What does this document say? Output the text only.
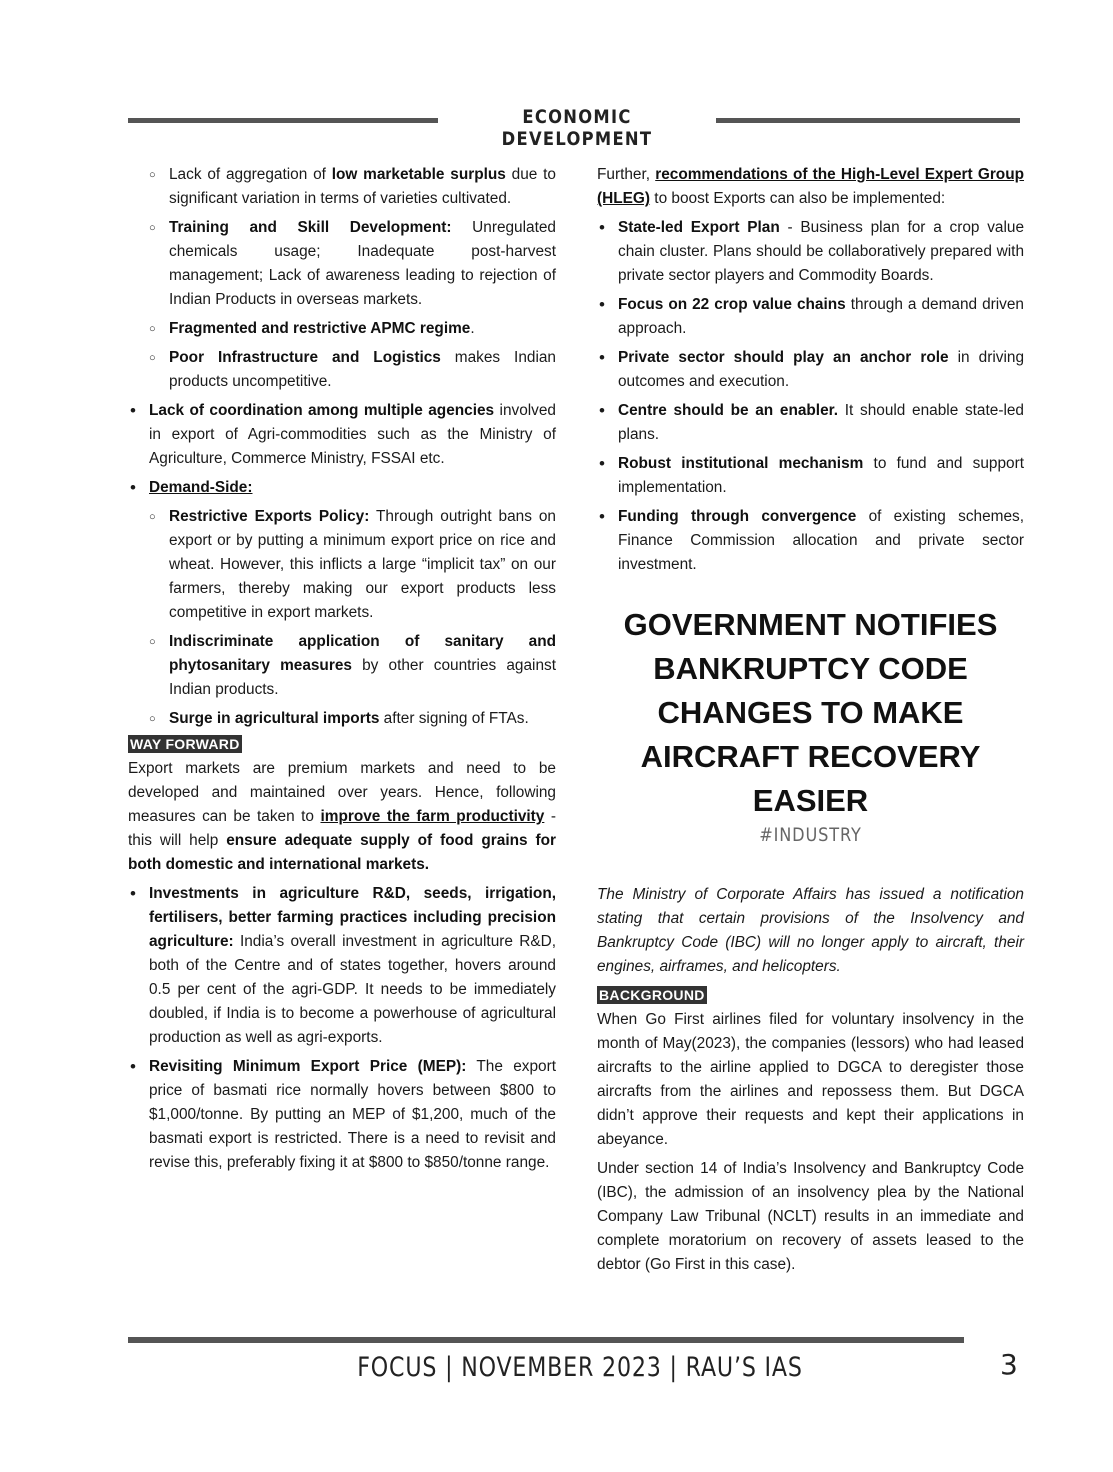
ECONOMIC DEVELOPMENT
○ Lack of aggregation of low marketable surplus due to significant variation in terms of varieties cultivated.
○ Training and Skill Development: Unregulated chemicals usage; Inadequate post-harvest management; Lack of awareness leading to rejection of Indian Products in overseas markets.
○ Fragmented and restrictive APMC regime.
○ Poor Infrastructure and Logistics makes Indian products uncompetitive.
• Lack of coordination among multiple agencies involved in export of Agri-commodities such as the Ministry of Agriculture, Commerce Ministry, FSSAI etc.
• Demand-Side:
○ Restrictive Exports Policy: Through outright bans on export or by putting a minimum export price on rice and wheat. However, this inflicts a large “implicit tax” on our farmers, thereby making our export products less competitive in export markets.
○ Indiscriminate application of sanitary and phytosanitary measures by other countries against Indian products.
○ Surge in agricultural imports after signing of FTAs.
WAY FORWARD
Export markets are premium markets and need to be developed and maintained over years. Hence, following measures can be taken to improve the farm productivity - this will help ensure adequate supply of food grains for both domestic and international markets.
• Investments in agriculture R&D, seeds, irrigation, fertilisers, better farming practices including precision agriculture: India’s overall investment in agriculture R&D, both of the Centre and of states together, hovers around 0.5 per cent of the agri-GDP. It needs to be immediately doubled, if India is to become a powerhouse of agricultural production as well as agri-exports.
• Revisiting Minimum Export Price (MEP): The export price of basmati rice normally hovers between $800 to $1,000/tonne. By putting an MEP of $1,200, much of the basmati export is restricted. There is a need to revisit and revise this, preferably fixing it at $800 to $850/tonne range.
Further, recommendations of the High-Level Expert Group (HLEG) to boost Exports can also be implemented:
• State-led Export Plan - Business plan for a crop value chain cluster. Plans should be collaboratively prepared with private sector players and Commodity Boards.
• Focus on 22 crop value chains through a demand driven approach.
• Private sector should play an anchor role in driving outcomes and execution.
• Centre should be an enabler. It should enable state-led plans.
• Robust institutional mechanism to fund and support implementation.
• Funding through convergence of existing schemes, Finance Commission allocation and private sector investment.
GOVERNMENT NOTIFIES
BANKRUPTCY CODE
CHANGES TO MAKE
AIRCRAFT RECOVERY
EASIER
#INDUSTRY
The Ministry of Corporate Affairs has issued a notification stating that certain provisions of the Insolvency and Bankruptcy Code (IBC) will no longer apply to aircraft, their engines, airframes, and helicopters.
BACKGROUND
When Go First airlines filed for voluntary insolvency in the month of May(2023), the companies (lessors) who had leased aircrafts to the airline applied to DGCA to deregister those aircrafts from the airlines and repossess them. But DGCA didn’t approve their requests and kept their applications in abeyance.
Under section 14 of India’s Insolvency and Bankruptcy Code (IBC), the admission of an insolvency plea by the National Company Law Tribunal (NCLT) results in an immediate and complete moratorium on recovery of assets leased to the debtor (Go First in this case).
FOCUS | NOVEMBER 2023 | RAU’S IAS	3
